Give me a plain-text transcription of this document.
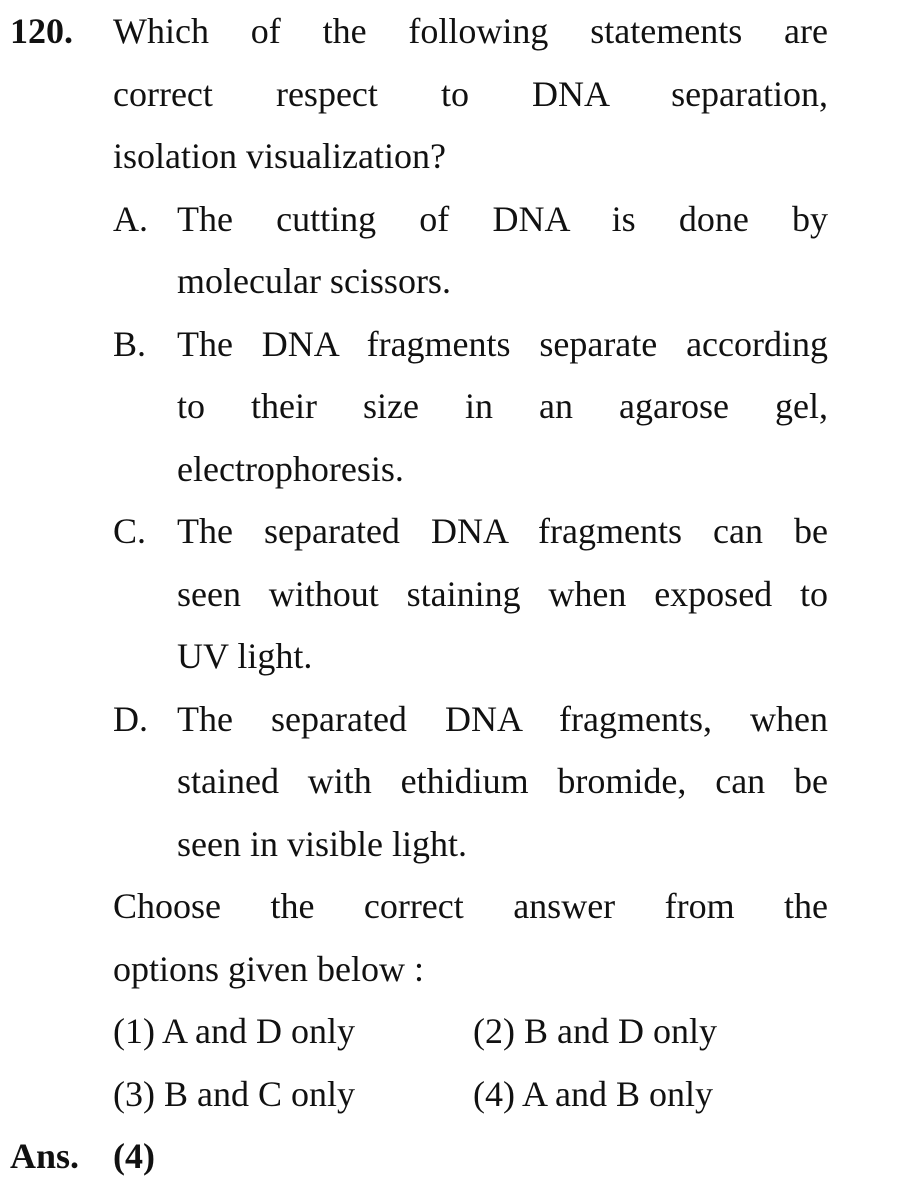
120. Which of the following statements are
correct respect to DNA separation,
isolation visualization?
A. The cutting of DNA is done by
molecular scissors.
B. The DNA fragments separate according
to their size in an agarose gel,
electrophoresis.
C. The separated DNA fragments can be
seen without staining when exposed to
UV light.
D. The separated DNA fragments, when
stained with ethidium bromide, can be
seen in visible light.
Choose the correct answer from the
options given below :
(1) A and D only	(2) B and D only
(3) B and C only	(4) A and B only
Ans. (4)
